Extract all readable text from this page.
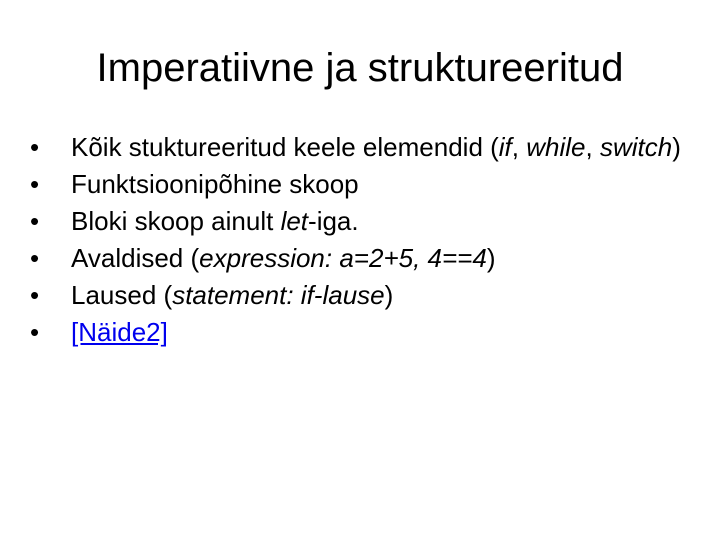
Imperatiivne ja struktureeritud
•	Kõik stuktureeritud keele elemendid (if, while, switch)
•	Funktsioonipõhine skoop
•	Bloki skoop ainult let-iga.
•	Avaldised (expression: a=2+5, 4==4)
•	Laused (statement: if-lause)
•	[Näide2]
